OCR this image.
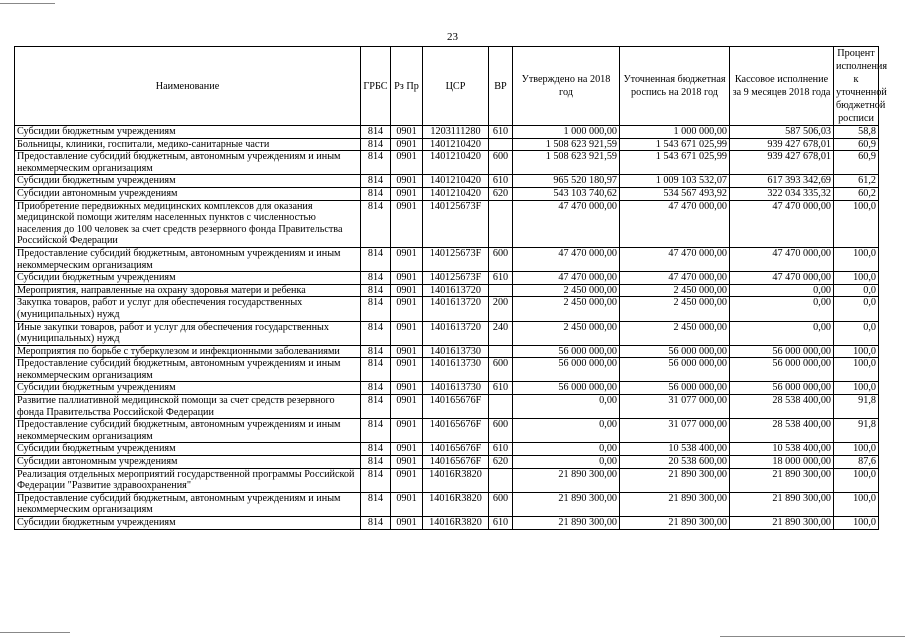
23
Наименование	ГРБС	Рз Пр	ЦСР	ВР	Утверждено на 2018 год	Уточненная бюджетная роспись на 2018 год	Кассовое исполнение за 9 месяцев 2018 года	Процент исполнения к уточненной бюджетной росписи
Субсидии бюджетным учреждениям	814	0901	1203111280	610	1 000 000,00	1 000 000,00	587 506,03	58,8
Больницы, клиники, госпитали, медико-санитарные части	814	0901	1401210420		1 508 623 921,59	1 543 671 025,99	939 427 678,01	60,9
Предоставление субсидий бюджетным, автономным учреждениям и иным некоммерческим организациям	814	0901	1401210420	600	1 508 623 921,59	1 543 671 025,99	939 427 678,01	60,9
Субсидии бюджетным учреждениям	814	0901	1401210420	610	965 520 180,97	1 009 103 532,07	617 393 342,69	61,2
Субсидии автономным учреждениям	814	0901	1401210420	620	543 103 740,62	534 567 493,92	322 034 335,32	60,2
Приобретение передвижных медицинских комплексов для оказания медицинской помощи жителям населенных пунктов с численностью населения до 100 человек за счет средств резервного фонда Правительства Российской Федерации	814	0901	140125673F		47 470 000,00	47 470 000,00	47 470 000,00	100,0
Предоставление субсидий бюджетным, автономным учреждениям и иным некоммерческим организациям	814	0901	140125673F	600	47 470 000,00	47 470 000,00	47 470 000,00	100,0
Субсидии бюджетным учреждениям	814	0901	140125673F	610	47 470 000,00	47 470 000,00	47 470 000,00	100,0
Мероприятия, направленные на охрану здоровья матери и ребенка	814	0901	1401613720		2 450 000,00	2 450 000,00	0,00	0,0
Закупка товаров, работ и услуг для обеспечения государственных (муниципальных) нужд	814	0901	1401613720	200	2 450 000,00	2 450 000,00	0,00	0,0
Иные закупки товаров, работ и услуг для обеспечения государственных (муниципальных) нужд	814	0901	1401613720	240	2 450 000,00	2 450 000,00	0,00	0,0
Мероприятия по борьбе с туберкулезом и инфекционными заболеваниями	814	0901	1401613730		56 000 000,00	56 000 000,00	56 000 000,00	100,0
Предоставление субсидий бюджетным, автономным учреждениям и иным некоммерческим организациям	814	0901	1401613730	600	56 000 000,00	56 000 000,00	56 000 000,00	100,0
Субсидии бюджетным учреждениям	814	0901	1401613730	610	56 000 000,00	56 000 000,00	56 000 000,00	100,0
Развитие паллиативной медицинской помощи за счет средств резервного фонда Правительства Российской Федерации	814	0901	140165676F		0,00	31 077 000,00	28 538 400,00	91,8
Предоставление субсидий бюджетным, автономным учреждениям и иным некоммерческим организациям	814	0901	140165676F	600	0,00	31 077 000,00	28 538 400,00	91,8
Субсидии бюджетным учреждениям	814	0901	140165676F	610	0,00	10 538 400,00	10 538 400,00	100,0
Субсидии автономным учреждениям	814	0901	140165676F	620	0,00	20 538 600,00	18 000 000,00	87,6
Реализация отдельных мероприятий государственной программы Российской Федерации "Развитие здравоохранения"	814	0901	14016R3820		21 890 300,00	21 890 300,00	21 890 300,00	100,0
Предоставление субсидий бюджетным, автономным учреждениям и иным некоммерческим организациям	814	0901	14016R3820	600	21 890 300,00	21 890 300,00	21 890 300,00	100,0
Субсидии бюджетным учреждениям	814	0901	14016R3820	610	21 890 300,00	21 890 300,00	21 890 300,00	100,0
